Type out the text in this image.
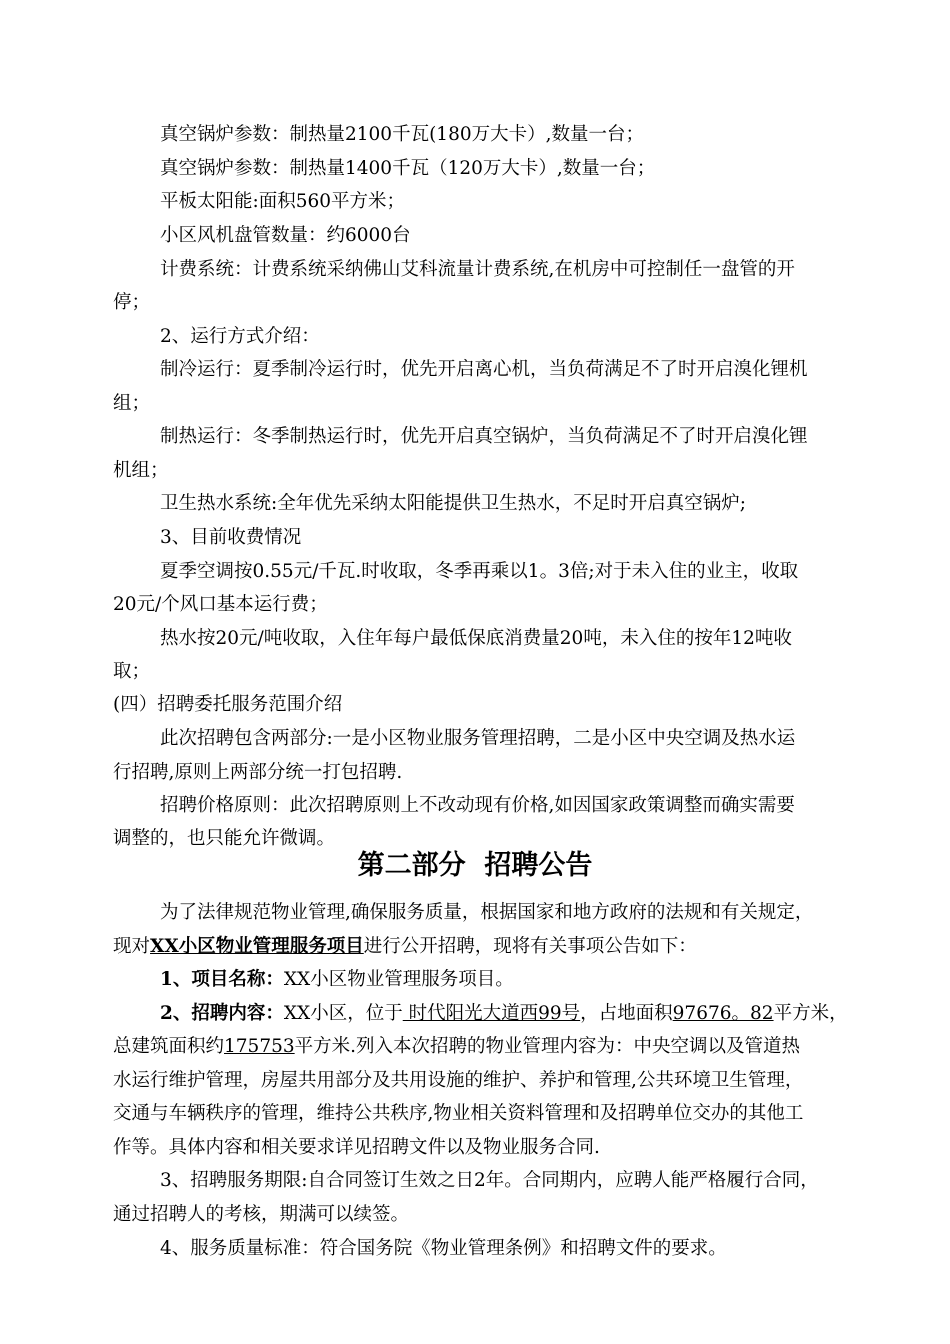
真空锅炉参数：制热量2100千瓦(180万大卡）,数量一台；
真空锅炉参数：制热量1400千瓦（120万大卡）,数量一台；
平板太阳能:面积560平方米；
小区风机盘管数量：约6000台
计费系统：计费系统采纳佛山艾科流量计费系统,在机房中可控制任一盘管的开
停；
2、运行方式介绍：
制冷运行：夏季制冷运行时，优先开启离心机，当负荷满足不了时开启溴化锂机
组；
制热运行：冬季制热运行时，优先开启真空锅炉，当负荷满足不了时开启溴化锂
机组；
卫生热水系统:全年优先采纳太阳能提供卫生热水，不足时开启真空锅炉;
3、目前收费情况
夏季空调按0.55元/千瓦.时收取，冬季再乘以1。3倍;对于未入住的业主，收取
20元/个风口基本运行费；
热水按20元/吨收取，入住年每户最低保底消费量20吨，未入住的按年12吨收
取；
(四）招聘委托服务范围介绍
此次招聘包含两部分:一是小区物业服务管理招聘，二是小区中央空调及热水运
行招聘,原则上两部分统一打包招聘.
招聘价格原则：此次招聘原则上不改动现有价格,如因国家政策调整而确实需要
调整的，也只能允许微调。
第二部分  招聘公告
为了法律规范物业管理,确保服务质量，根据国家和地方政府的法规和有关规定，
现对XX小区物业管理服务项目进行公开招聘，现将有关事项公告如下：
1、项目名称：XX小区物业管理服务项目。
2、招聘内容：XX小区，位于 时代阳光大道西99号，占地面积97676。82平方米，
总建筑面积约175753平方米.列入本次招聘的物业管理内容为：中央空调以及管道热
水运行维护管理，房屋共用部分及共用设施的维护、养护和管理,公共环境卫生管理，
交通与车辆秩序的管理，维持公共秩序,物业相关资料管理和及招聘单位交办的其他工
作等。具体内容和相关要求详见招聘文件以及物业服务合同.
3、招聘服务期限:自合同签订生效之日2年。合同期内，应聘人能严格履行合同，
通过招聘人的考核，期满可以续签。
4、服务质量标准：符合国务院《物业管理条例》和招聘文件的要求。
